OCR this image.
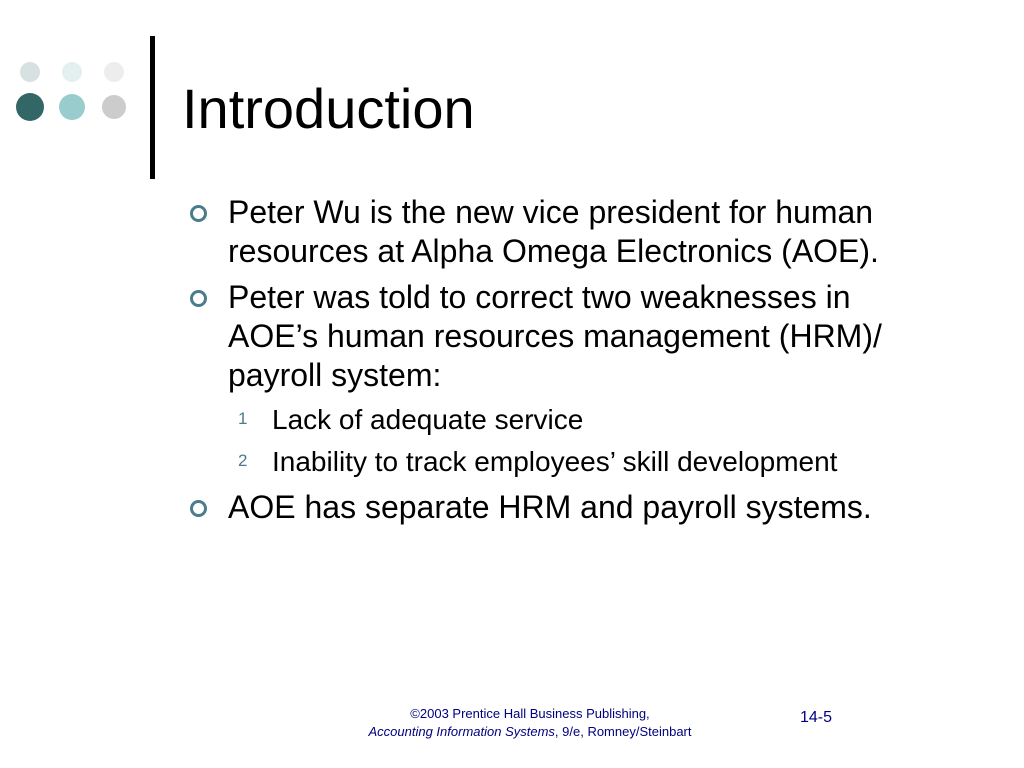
Introduction
Peter Wu is the new vice president for human resources at Alpha Omega Electronics (AOE).
Peter was told to correct two weaknesses in AOE’s human resources management (HRM)/ payroll system:
1 Lack of adequate service
2 Inability to track employees’ skill development
AOE has separate HRM and payroll systems.
©2003 Prentice Hall Business Publishing,
Accounting Information Systems, 9/e, Romney/Steinbart
14-5
